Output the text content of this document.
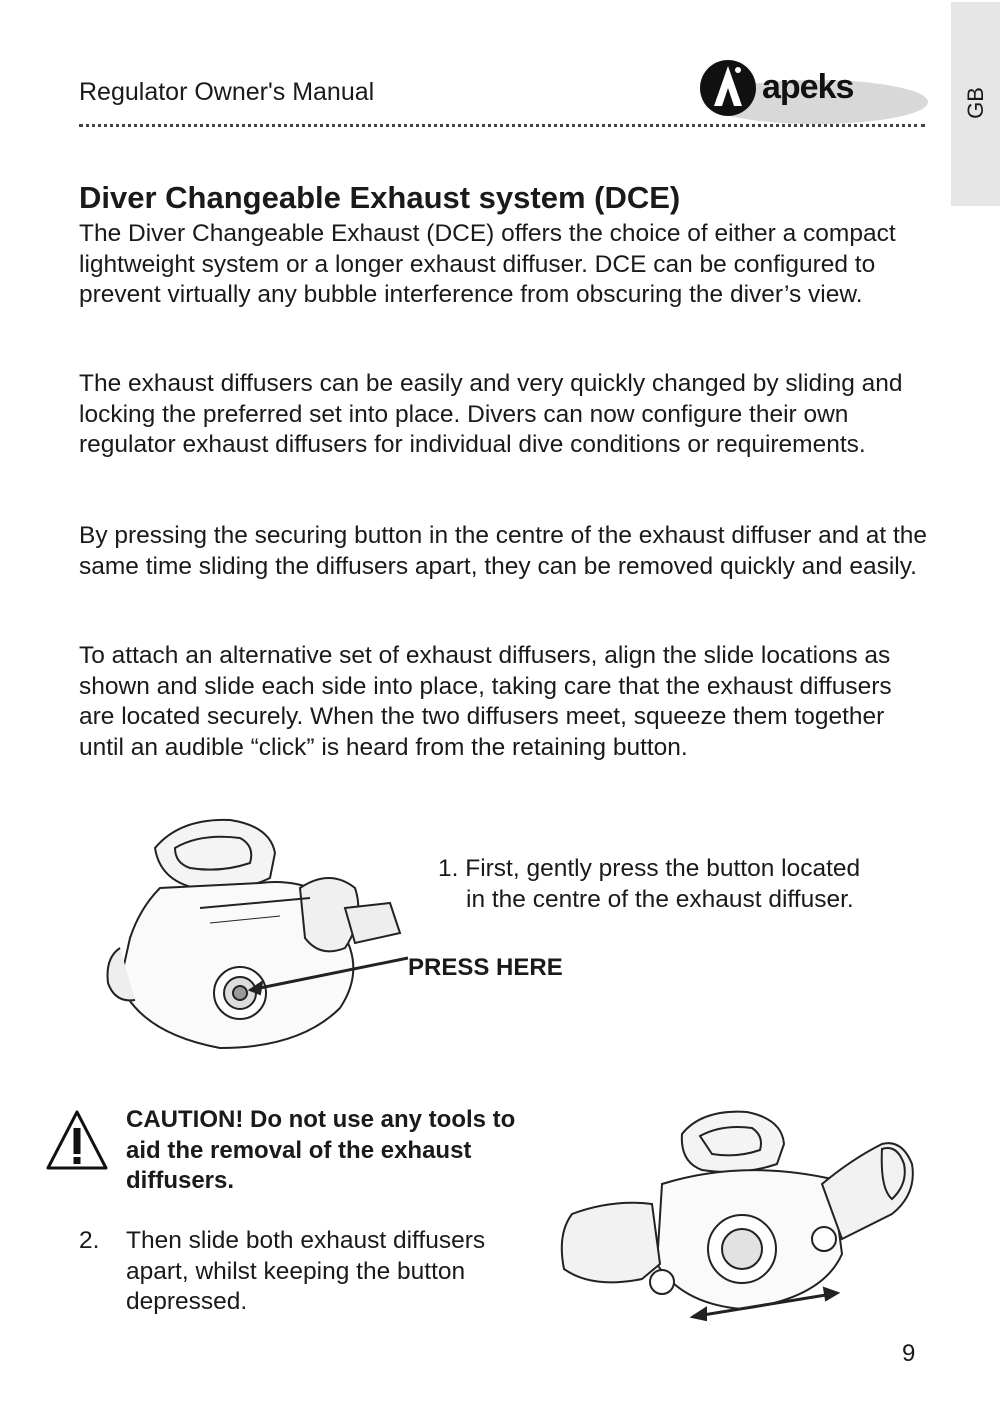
Regulator Owner's Manual	apeks	GB
Diver Changeable Exhaust system (DCE)

The Diver Changeable Exhaust (DCE) offers the choice of either a compact lightweight system or a longer exhaust diffuser. DCE can be configured to prevent virtually any bubble interference from obscuring the diver’s view.

The exhaust diffusers can be easily and very quickly changed by sliding and locking the preferred set into place. Divers can now configure their own regulator exhaust diffusers for individual dive conditions or requirements.

By pressing the securing button in the centre of the exhaust diffuser and at the same time sliding the diffusers apart, they can be removed quickly and easily.

To attach an alternative set of exhaust diffusers, align the slide locations as shown and slide each side into place, taking care that the exhaust diffusers are located securely. When the two diffusers meet, squeeze them together until an audible “click” is heard from the retaining button.

1. First, gently press the button located
in the centre of the exhaust diffuser.
PRESS HERE
CAUTION! Do not use any tools to aid the removal of the exhaust diffusers.
2. Then slide both exhaust diffusers apart, whilst keeping the button depressed.
9
